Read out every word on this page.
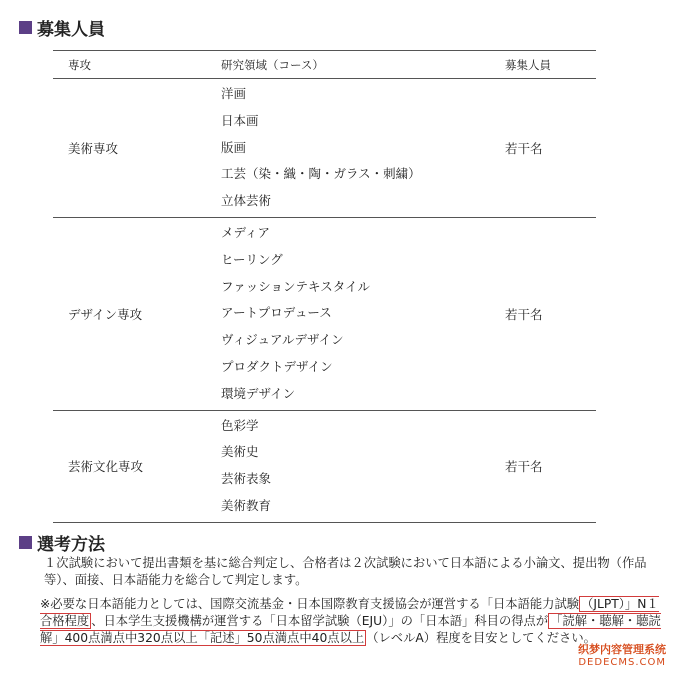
募集人員
専攻	研究領域（コース）	募集人員
美術専攻
洋画
日本画
版画
工芸（染・織・陶・ガラス・刺繍）
立体芸術
若干名
デザイン専攻
メディア
ヒーリング
ファッションテキスタイル
アートプロデュース
ヴィジュアルデザイン
プロダクトデザイン
環境デザイン
若干名
芸術文化専攻
色彩学
美術史
芸術表象
美術教育
若干名
選考方法
１次試験において提出書類を基に総合判定し、合格者は２次試験において日本語による小論文、提出物（作品等）、面接、日本語能力を総合して判定します。
※必要な日本語能力としては、国際交流基金・日本国際教育支援協会が運営する「日本語能力試験 （JLPT）」N１合格程度 、日本学生支援機構が運営する「日本留学試験（EJU）」の「日本語」科目の得点が 「読解・聴解・聴読解」400点満点中320点以上「記述」50点満点中40点以上 （レベルA）程度を目安としてください。
织梦内容管理系统
DEDECMS.COM
